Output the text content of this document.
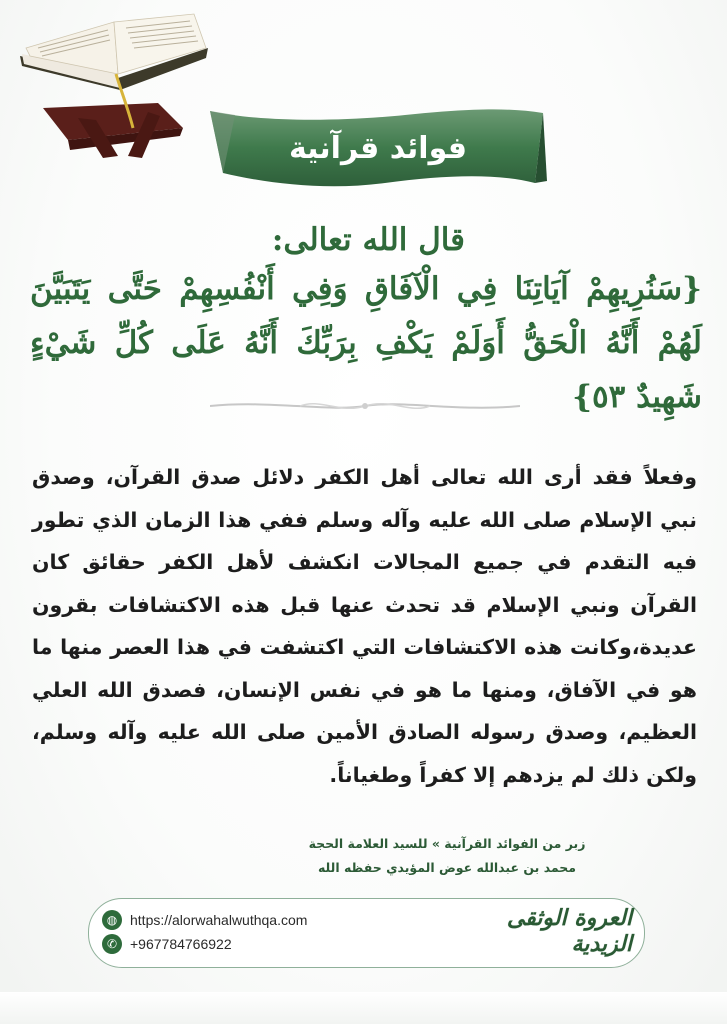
فوائد قرآنية
قال الله تعالى:
{سَنُرِيهِمْ آيَاتِنَا فِي الْآفَاقِ وَفِي أَنْفُسِهِمْ حَتَّى يَتَبَيَّنَ لَهُمْ أَنَّهُ الْحَقُّ أَوَلَمْ يَكْفِ بِرَبِّكَ أَنَّهُ عَلَى كُلِّ شَيْءٍ شَهِيدٌ ٥٣}
وفعلاً فقد أرى الله تعالى أهل الكفر دلائل صدق القرآن، وصدق نبي الإسلام صلى الله عليه وآله وسلم ففي هذا الزمان الذي تطور فيه التقدم في جميع المجالات انكشف لأهل الكفر حقائق كان القرآن ونبي الإسلام قد تحدث عنها قبل هذه الاكتشافات بقرون عديدة،وكانت هذه الاكتشافات التي اكتشفت في هذا العصر منها ما هو في الآفاق، ومنها ما هو في نفس الإنسان، فصدق الله العلي العظيم، وصدق رسوله الصادق الأمين صلى الله عليه وآله وسلم، ولكن ذلك لم يزدهم إلا كفراً وطغياناً.
زبر من الفوائد القرآنية » للسيد العلامة الحجة
محمد بن عبدالله عوض المؤيدي حفظه الله
◍ https://alorwahalwuthqa.com
✆ +967784766922
العروة الوثقى الزيدية
